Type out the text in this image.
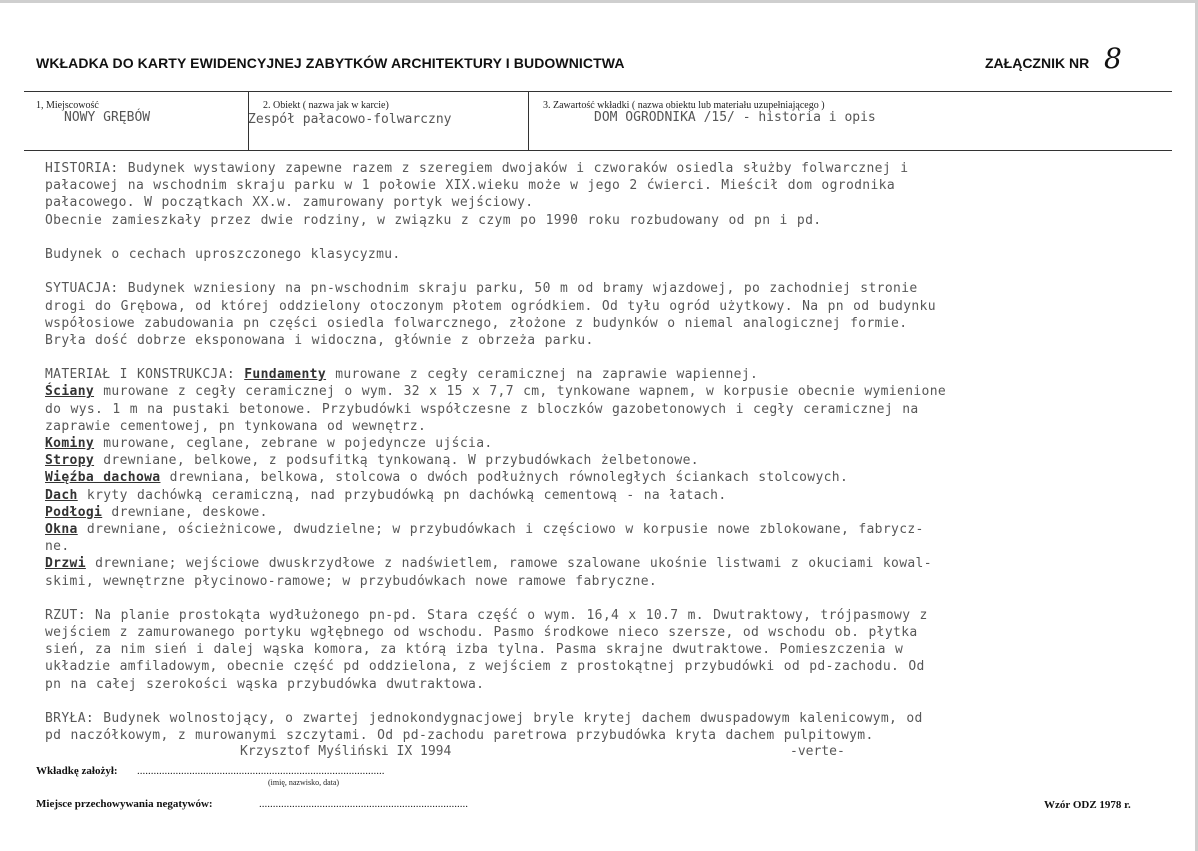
WKŁADKA DO KARTY EWIDENCYJNEJ ZABYTKÓW ARCHITEKTURY I BUDOWNICTWA	ZAŁĄCZNIK NR 8
1, Miejscowość
NOWY GRĘBÓW
2. Obiekt ( nazwa jak w karcie)
Zespół pałacowo-folwarczny
3. Zawartość wkładki ( nazwa obiektu lub materiału uzupełniającego )
DOM OGRODNIKA /15/ - historia i opis
HISTORIA: Budynek wystawiony zapewne razem z szeregiem dwojaków i czworaków osiedla służby folwarcznej i
pałacowej na wschodnim skraju parku w 1 połowie XIX.wieku może w jego 2 ćwierci. Mieścił dom ogrodnika
pałacowego. W początkach XX.w. zamurowany portyk wejściowy.
Obecnie zamieszkały przez dwie rodziny, w związku z czym po 1990 roku rozbudowany od pn i pd.
Budynek o cechach uproszczonego klasycyzmu.
SYTUACJA: Budynek wzniesiony na pn-wschodnim skraju parku, 50 m od bramy wjazdowej, po zachodniej stronie
drogi do Grębowa, od której oddzielony otoczonym płotem ogródkiem. Od tyłu ogród użytkowy. Na pn od budynku
współosiowe zabudowania pn części osiedla folwarcznego, złożone z budynków o niemal analogicznej formie.
Bryła dość dobrze eksponowana i widoczna, głównie z obrzeża parku.
MATERIAŁ I KONSTRUKCJA: Fundamenty murowane z cegły ceramicznej na zaprawie wapiennej.
Ściany murowane z cegły ceramicznej o wym. 32 x 15 x 7,7 cm, tynkowane wapnem, w korpusie obecnie wymienione
do wys. 1 m na pustaki betonowe. Przybudówki współczesne z bloczków gazobetonowych i cegły ceramicznej na
zaprawie cementowej, pn tynkowana od wewnętrz.
Kominy murowane, ceglane, zebrane w pojedyncze ujścia.
Stropy drewniane, belkowe, z podsufitką tynkowaną. W przybudówkach żelbetonowe.
Więźba dachowa drewniana, belkowa, stolcowa o dwóch podłużnych równoległych ściankach stolcowych.
Dach kryty dachówką ceramiczną, nad przybudówką pn dachówką cementową - na łatach.
Podłogi drewniane, deskowe.
Okna drewniane, ościeżnicowe, dwudzielne; w przybudówkach i częściowo w korpusie nowe zblokowane, fabrycz-
ne.
Drzwi drewniane; wejściowe dwuskrzydłowe z nadświetlem, ramowe szalowane ukośnie listwami z okuciami kowal-
skimi, wewnętrzne płycinowo-ramowe; w przybudówkach nowe ramowe fabryczne.
RZUT: Na planie prostokąta wydłużonego pn-pd. Stara część o wym. 16,4 x 10.7 m. Dwutraktowy, trójpasmowy z
wejściem z zamurowanego portyku wgłębnego od wschodu. Pasmo środkowe nieco szersze, od wschodu ob. płytka
sień, za nim sień i dalej wąska komora, za którą izba tylna. Pasma skrajne dwutraktowe. Pomieszczenia w
układzie amfiladowym, obecnie część pd oddzielona, z wejściem z prostokątnej przybudówki od pd-zachodu. Od
pn na całej szerokości wąska przybudówka dwutraktowa.
BRYŁA: Budynek wolnostojący, o zwartej jednokondygnacjowej bryle krytej dachem dwuspadowym kalenicowym, od
pd naczółkowym, z murowanymi szczytami. Od pd-zachodu paretrowa przybudówka kryta dachem pulpitowym.
Krzysztof Myśliński IX 1994	-verte-
Wkładkę założył: ..........................................................................................
(imię, nazwisko, data)
Miejsce przechowywania negatywów:	............................................................................	Wzór ODZ 1978 r.
